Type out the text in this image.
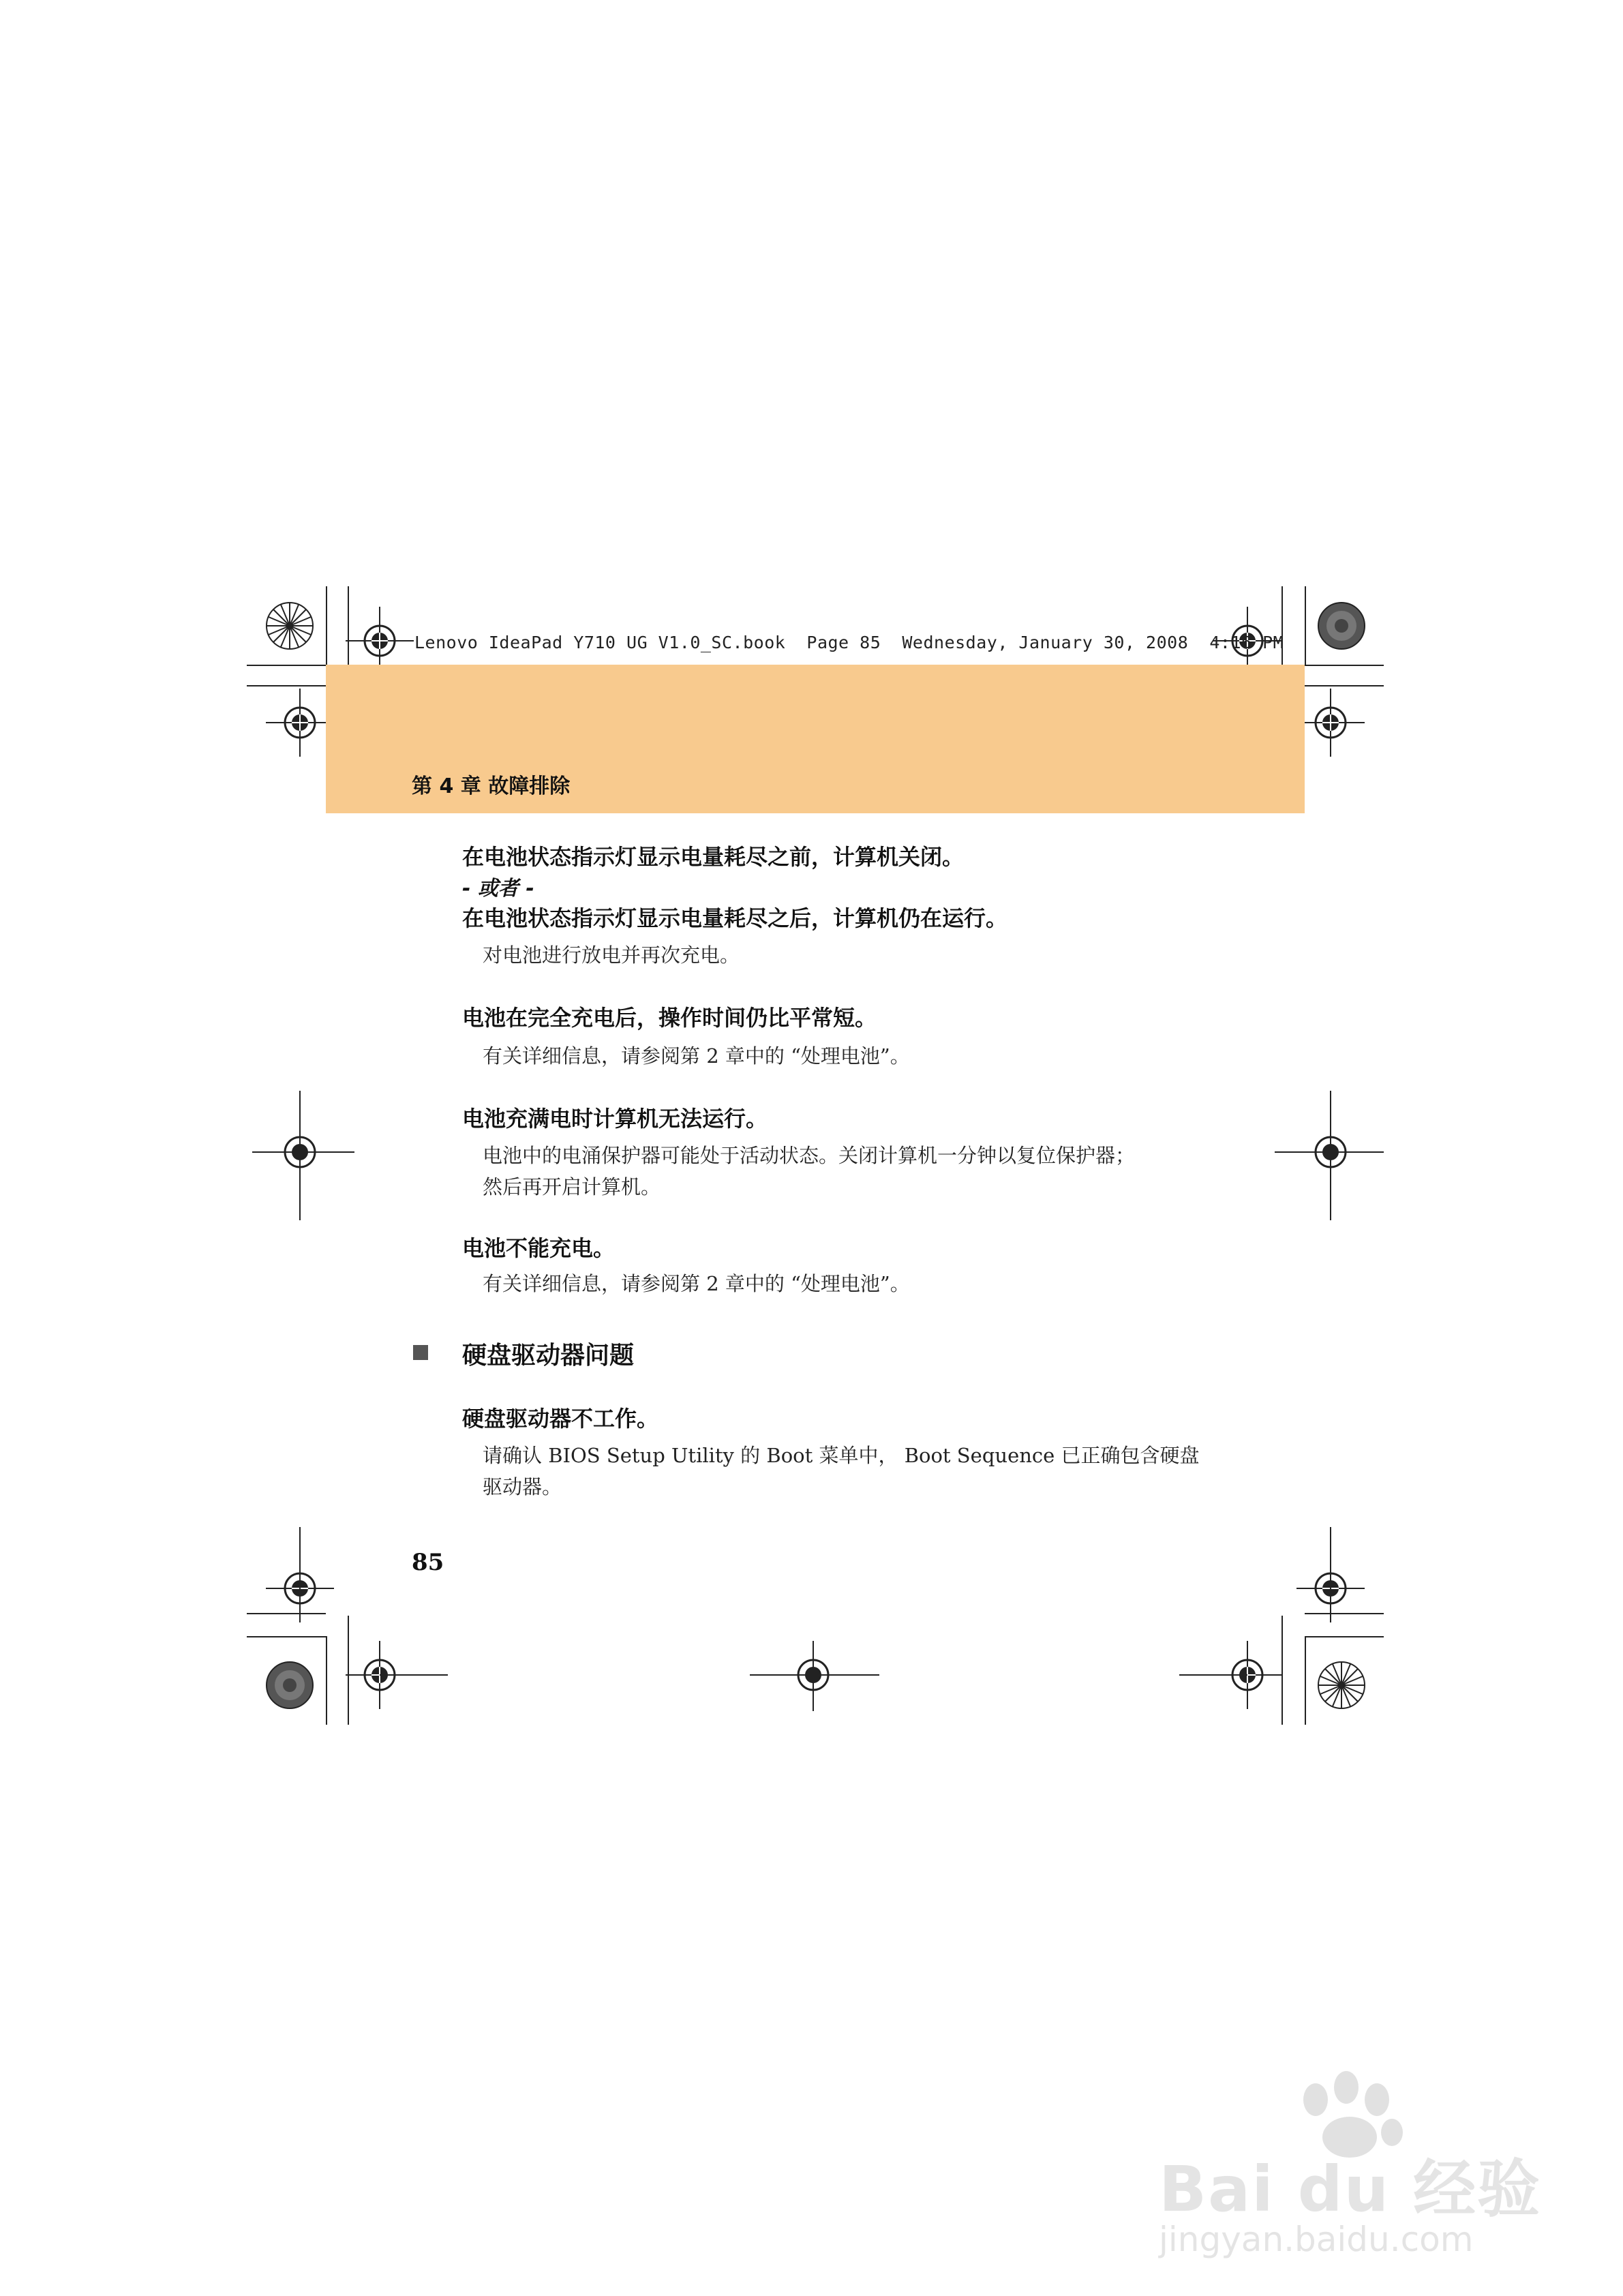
Lenovo IdeaPad Y710 UG V1.0_SC.book  Page 85  Wednesday, January 30, 2008  4:16 PM
第 4 章 故障排除
在电池状态指示灯显示电量耗尽之前，计算机关闭。
- 或者 -
在电池状态指示灯显示电量耗尽之后，计算机仍在运行。
对电池进行放电并再次充电。
电池在完全充电后，操作时间仍比平常短。
有关详细信息，请参阅第 2 章中的 “处理电池”。
电池充满电时计算机无法运行。
电池中的电涌保护器可能处于活动状态。关闭计算机一分钟以复位保护器；
然后再开启计算机。
电池不能充电。
有关详细信息，请参阅第 2 章中的 “处理电池”。
硬盘驱动器问题
硬盘驱动器不工作。
请确认 BIOS Setup Utility 的 Boot 菜单中， Boot Sequence 已正确包含硬盘
驱动器。
85
Bai du 经验
jingyan.baidu.com
